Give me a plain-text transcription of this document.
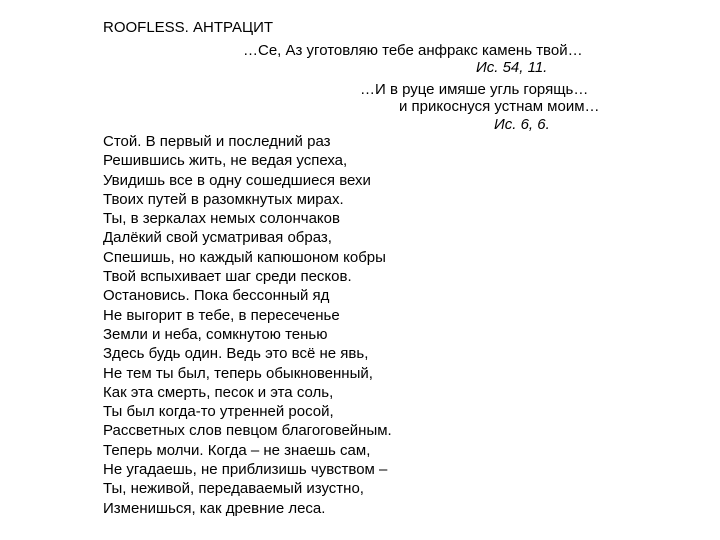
ROOFLESS. АНТРАЦИТ
…Се, Аз уготовляю тебе анфракс камень твой…
Ис. 54, 11.
…И в руце имяше угль горящь…
и прикоснуся устнам моим…
Ис. 6, 6.
Стой. В первый и последний раз
Решившись жить, не ведая успеха,
Увидишь все в одну сошедшиеся вехи
Твоих путей в разомкнутых мирах.
Ты, в зеркалах немых солончаков
Далёкий свой усматривая образ,
Спешишь, но каждый капюшоном кобры
Твой вспыхивает шаг среди песков.
Остановись. Пока бессонный яд
Не выгорит в тебе, в пересеченье
Земли и неба, сомкнутою тенью
Здесь будь один. Ведь это всё не явь,
Не тем ты был, теперь обыкновенный,
Как эта смерть, песок и эта соль,
Ты был когда-то утренней росой,
Рассветных слов певцом благоговейным.
Теперь молчи. Когда – не знаешь сам,
Не угадаешь, не приблизишь чувством –
Ты, неживой, передаваемый изустно,
Изменишься, как древние леса.
